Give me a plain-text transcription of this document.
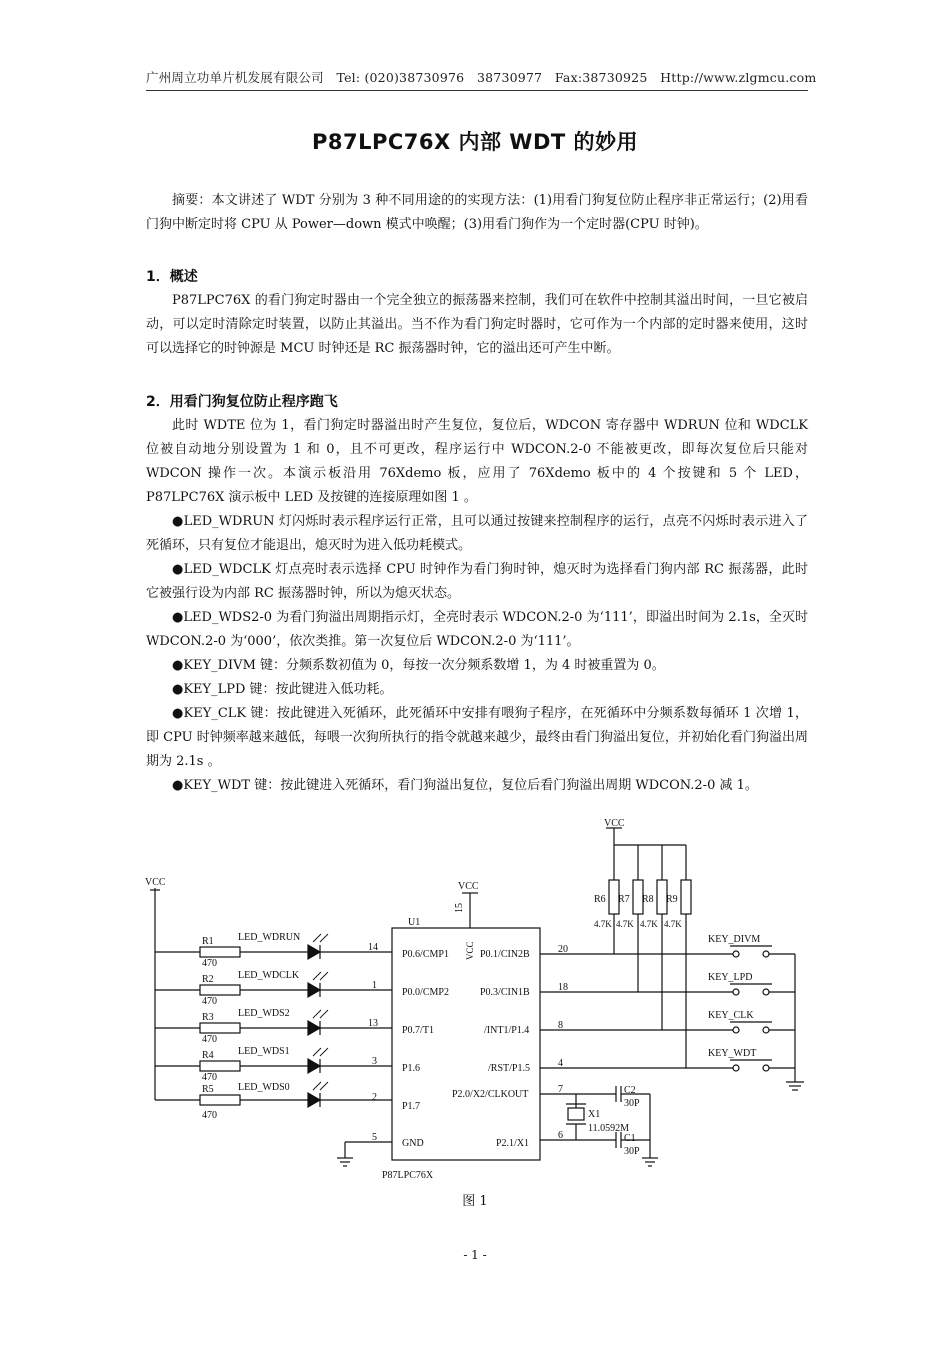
广州周立功单片机发展有限公司　Tel: (020)38730976　38730977　Fax:38730925　Http://www.zlgmcu.com
P87LPC76X 内部 WDT 的妙用

摘要：本文讲述了 WDT 分别为 3 种不同用途的的实现方法：(1)用看门狗复位防止程序非正常运行；(2)用看门狗中断定时将 CPU 从 Power—down 模式中唤醒；(3)用看门狗作为一个定时器(CPU 时钟)。

1．概述

P87LPC76X 的看门狗定时器由一个完全独立的振荡器来控制，我们可在软件中控制其溢出时间，一旦它被启动，可以定时清除定时装置，以防止其溢出。当不作为看门狗定时器时，它可作为一个内部的定时器来使用，这时可以选择它的时钟源是 MCU 时钟还是 RC 振荡器时钟，它的溢出还可产生中断。

2．用看门狗复位防止程序跑飞

此时 WDTE 位为 1，看门狗定时器溢出时产生复位，复位后，WDCON 寄存器中 WDRUN 位和 WDCLK 位被自动地分别设置为 1 和 0，且不可更改，程序运行中 WDCON.2-0 不能被更改，即每次复位后只能对 WDCON 操作一次。本演示板沿用 76Xdemo 板，应用了 76Xdemo 板中的 4 个按键和 5 个 LED，P87LPC76X 演示板中 LED 及按键的连接原理如图 1 。

●LED_WDRUN 灯闪烁时表示程序运行正常，且可以通过按键来控制程序的运行，点亮不闪烁时表示进入了死循环，只有复位才能退出，熄灭时为进入低功耗模式。

●LED_WDCLK 灯点亮时表示选择 CPU 时钟作为看门狗时钟，熄灭时为选择看门狗内部 RC 振荡器，此时它被强行设为内部 RC 振荡器时钟，所以为熄灭状态。

●LED_WDS2-0 为看门狗溢出周期指示灯，全亮时表示 WDCON.2-0 为‘111’，即溢出时间为 2.1s，全灭时 WDCON.2-0 为‘000’，依次类推。第一次复位后 WDCON.2-0 为‘111’。

●KEY_DIVM 键：分频系数初值为 0，每按一次分频系数增 1，为 4 时被重置为 0。

●KEY_LPD 键：按此键进入低功耗。

●KEY_CLK 键：按此键进入死循环，此死循环中安排有喂狗子程序，在死循环中分频系数每循环 1 次增 1，即 CPU 时钟频率越来越低，每喂一次狗所执行的指令就越来越少，最终由看门狗溢出复位，并初始化看门狗溢出周期为 2.1s 。

●KEY_WDT 键：按此键进入死循环，看门狗溢出复位，复位后看门狗溢出周期 WDCON.2-0 减 1。

VCC	VCC
15
VCC
U1
P87LPC76X
VCC
R1
470
LED_WDRUN
14
P0.6/CMP1
R2
470
LED_WDCLK
1
P0.0/CMP2
R3
470
LED_WDS2
13
P0.7/T1
R4
470
LED_WDS1
3
P1.6
R5
470
LED_WDS0
2
P1.7
5
GND
P0.1/CIN2B	20
P0.3/CIN1B	18
/INT1/P1.4	8
/RST/P1.5	4
P2.0/X2/CLKOUT	7
P2.1/X1
6
R6 R7 R8 R9
4.7K 4.7K 4.7K 4.7K
KEY_DIVM
KEY_LPD
KEY_CLK
KEY_WDT
C2
30P
X1
11.0592M
C1
30P
图 1
- 1 -
